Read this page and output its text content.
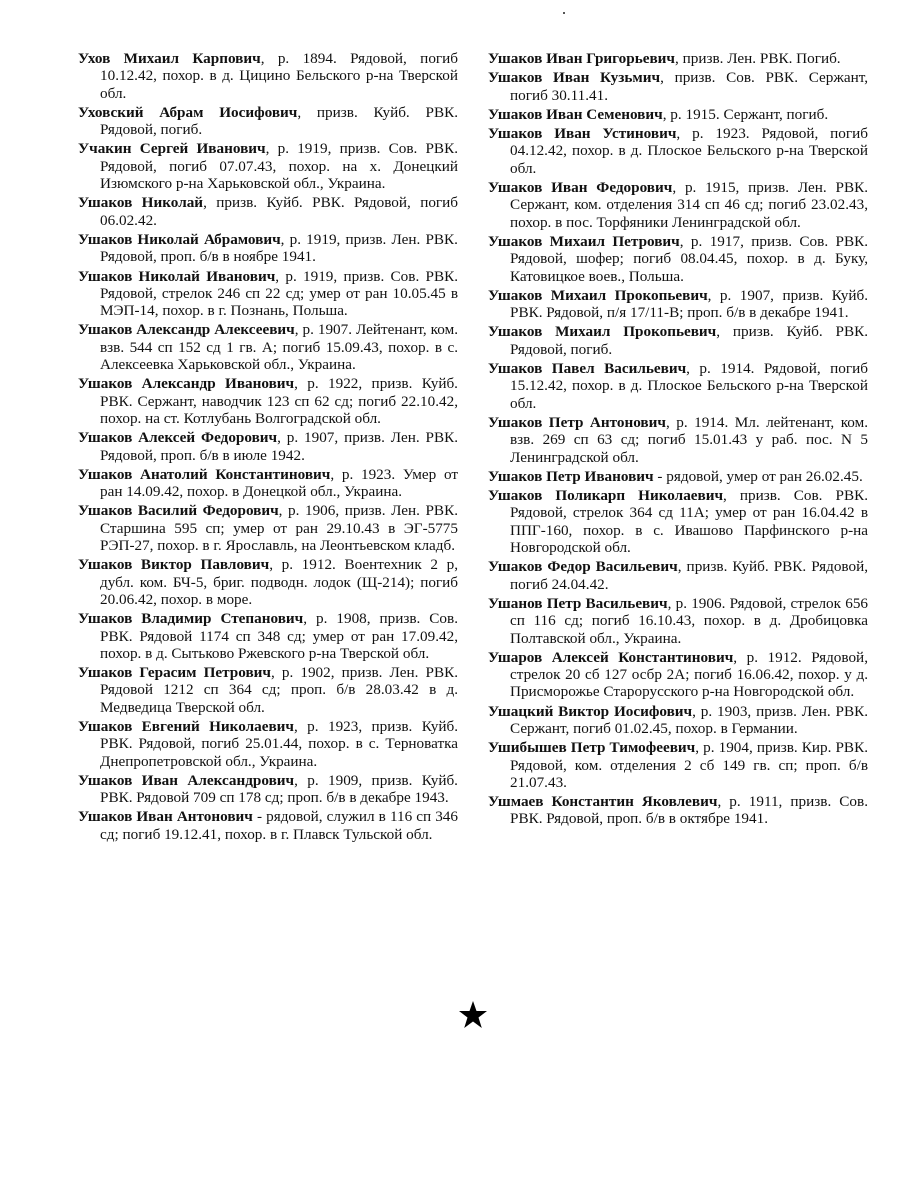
Ухов Михаил Карпович, р. 1894. Рядовой, погиб 10.12.42, похор. в д. Цицино Бельского р-на Тверской обл.
Уховский Абрам Иосифович, призв. Куйб. РВК. Рядовой, погиб.
Учакин Сергей Иванович, р. 1919, призв. Сов. РВК. Рядовой, погиб 07.07.43, похор. на х. Донецкий Изюмского р-на Харьковской обл., Украина.
Ушаков Николай, призв. Куйб. РВК. Рядовой, погиб 06.02.42.
Ушаков Николай Абрамович, р. 1919, призв. Лен. РВК. Рядовой, проп. б/в в ноябре 1941.
Ушаков Николай Иванович, р. 1919, призв. Сов. РВК. Рядовой, стрелок 246 сп 22 сд; умер от ран 10.05.45 в МЭП-14, похор. в г. Познань, Польша.
Ушаков Александр Алексеевич, р. 1907. Лейтенант, ком. взв. 544 сп 152 сд 1 гв. А; погиб 15.09.43, похор. в с. Алексеевка Харьковской обл., Украина.
Ушаков Александр Иванович, р. 1922, призв. Куйб. РВК. Сержант, наводчик 123 сп 62 сд; погиб 22.10.42, похор. на ст. Котлубань Волгоградской обл.
Ушаков Алексей Федорович, р. 1907, призв. Лен. РВК. Рядовой, проп. б/в в июле 1942.
Ушаков Анатолий Константинович, р. 1923. Умер от ран 14.09.42, похор. в Донецкой обл., Украина.
Ушаков Василий Федорович, р. 1906, призв. Лен. РВК. Старшина 595 сп; умер от ран 29.10.43 в ЭГ-5775 РЭП-27, похор. в г. Ярославль, на Леонтьевском кладб.
Ушаков Виктор Павлович, р. 1912. Воентехник 2 р, дубл. ком. БЧ-5, бриг. подводн. лодок (Щ-214); погиб 20.06.42, похор. в море.
Ушаков Владимир Степанович, р. 1908, призв. Сов. РВК. Рядовой 1174 сп 348 сд; умер от ран 17.09.42, похор. в д. Сытьково Ржевского р-на Тверской обл.
Ушаков Герасим Петрович, р. 1902, призв. Лен. РВК. Рядовой 1212 сп 364 сд; проп. б/в 28.03.42 в д. Медведица Тверской обл.
Ушаков Евгений Николаевич, р. 1923, призв. Куйб. РВК. Рядовой, погиб 25.01.44, похор. в с. Терноватка Днепропетровской обл., Украина.
Ушаков Иван Александрович, р. 1909, призв. Куйб. РВК. Рядовой 709 сп 178 сд; проп. б/в в декабре 1943.
Ушаков Иван Антонович - рядовой, служил в 116 сп 346 сд; погиб 19.12.41, похор. в г. Плавск Тульской обл.
Ушаков Иван Григорьевич, призв. Лен. РВК. Погиб.
Ушаков Иван Кузьмич, призв. Сов. РВК. Сержант, погиб 30.11.41.
Ушаков Иван Семенович, р. 1915. Сержант, погиб.
Ушаков Иван Устинович, р. 1923. Рядовой, погиб 04.12.42, похор. в д. Плоское Бельского р-на Тверской обл.
Ушаков Иван Федорович, р. 1915, призв. Лен. РВК. Сержант, ком. отделения 314 сп 46 сд; погиб 23.02.43, похор. в пос. Торфяники Ленинградской обл.
Ушаков Михаил Петрович, р. 1917, призв. Сов. РВК. Рядовой, шофер; погиб 08.04.45, похор. в д. Буку, Катовицкое воев., Польша.
Ушаков Михаил Прокопьевич, р. 1907, призв. Куйб. РВК. Рядовой, п/я 17/11-В; проп. б/в в декабре 1941.
Ушаков Михаил Прокопьевич, призв. Куйб. РВК. Рядовой, погиб.
Ушаков Павел Васильевич, р. 1914. Рядовой, погиб 15.12.42, похор. в д. Плоское Бельского р-на Тверской обл.
Ушаков Петр Антонович, р. 1914. Мл. лейтенант, ком. взв. 269 сп 63 сд; погиб 15.01.43 у раб. пос. N 5 Ленинградской обл.
Ушаков Петр Иванович - рядовой, умер от ран 26.02.45.
Ушаков Поликарп Николаевич, призв. Сов. РВК. Рядовой, стрелок 364 сд 11А; умер от ран 16.04.42 в ППГ-160, похор. в с. Ивашово Парфинского р-на Новгородской обл.
Ушаков Федор Васильевич, призв. Куйб. РВК. Рядовой, погиб 24.04.42.
Ушанов Петр Васильевич, р. 1906. Рядовой, стрелок 656 сп 116 сд; погиб 16.10.43, похор. в д. Дробицовка Полтавской обл., Украина.
Ушаров Алексей Константинович, р. 1912. Рядовой, стрелок 20 сб 127 осбр 2А; погиб 16.06.42, похор. у д. Присморожье Старорусского р-на Новгородской обл.
Ушацкий Виктор Иосифович, р. 1903, призв. Лен. РВК. Сержант, погиб 01.02.45, похор. в Германии.
Ушибышев Петр Тимофеевич, р. 1904, призв. Кир. РВК. Рядовой, ком. отделения 2 сб 149 гв. сп; проп. б/в 21.07.43.
Ушмаев Константин Яковлевич, р. 1911, призв. Сов. РВК. Рядовой, проп. б/в в октябре 1941.
